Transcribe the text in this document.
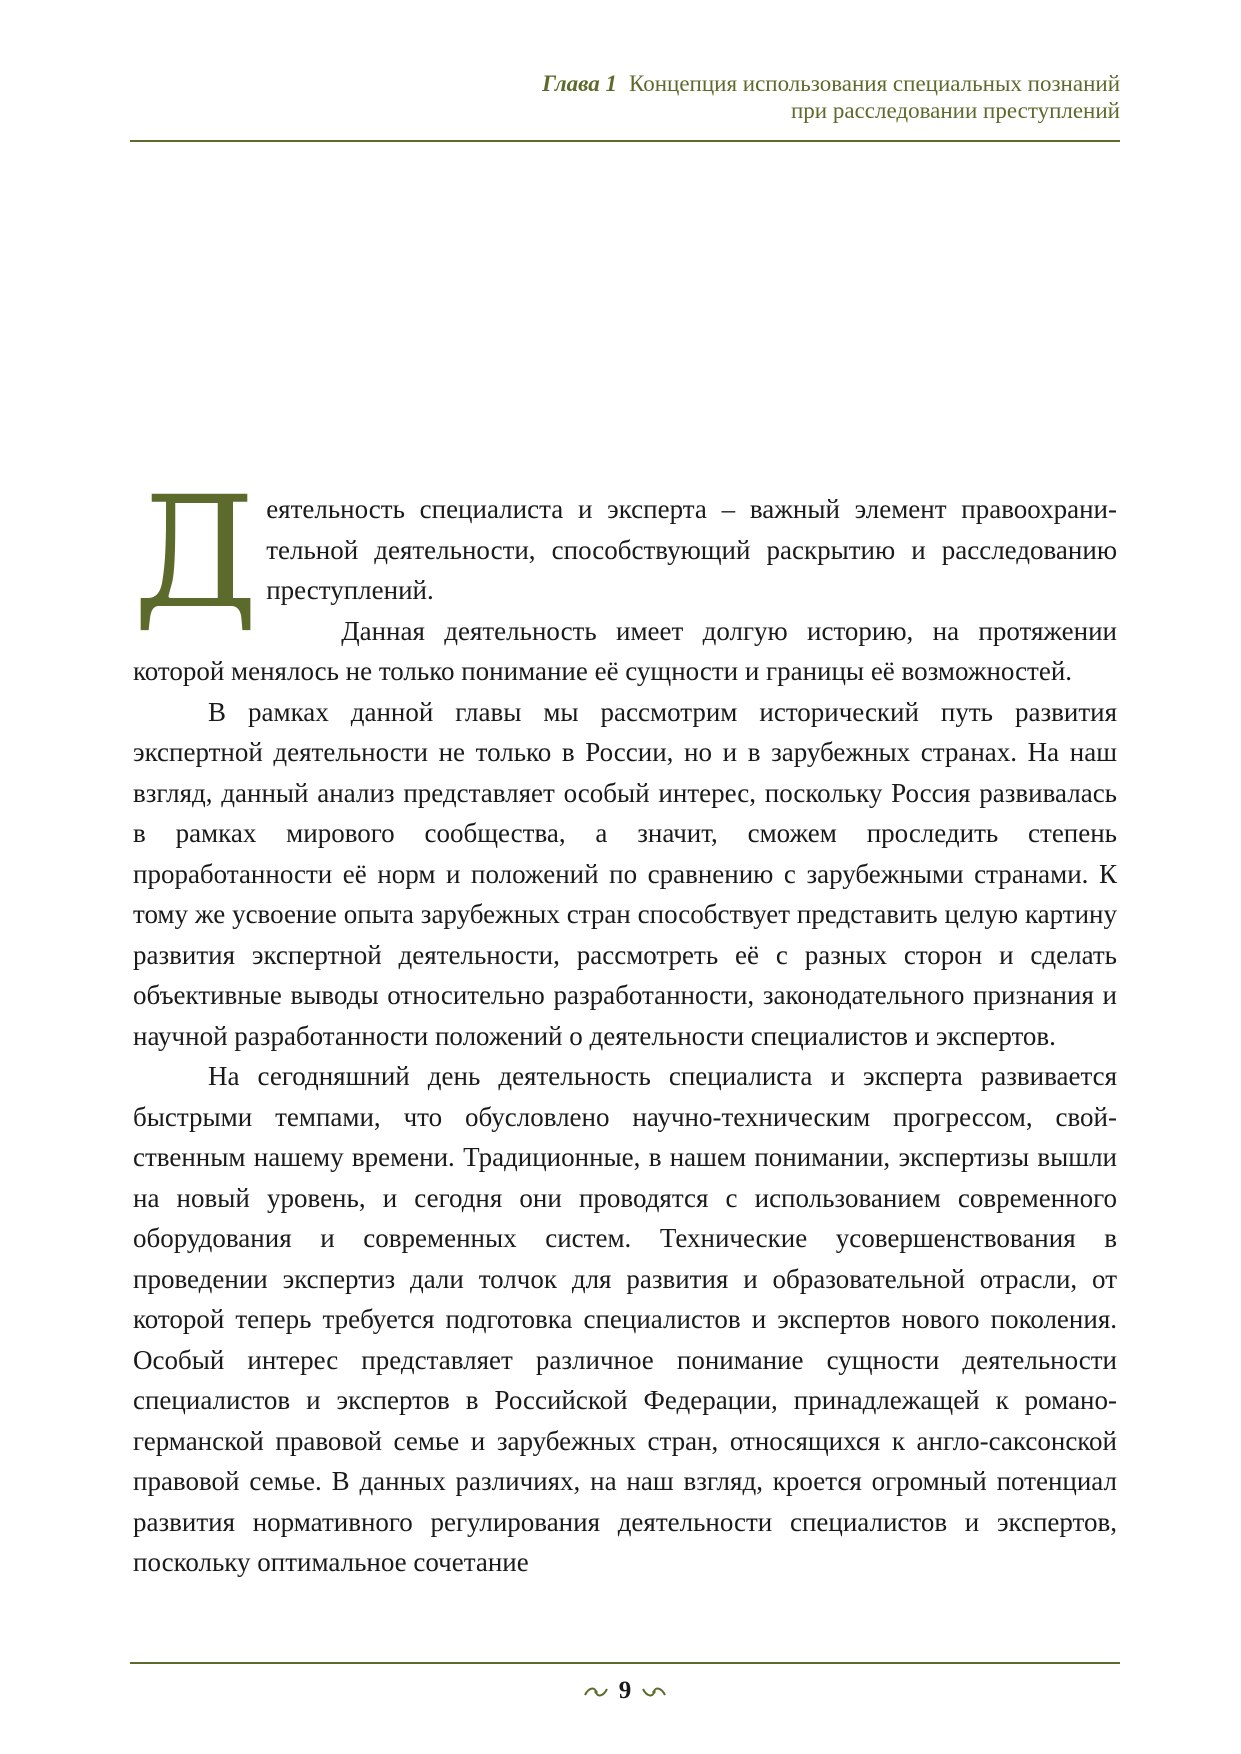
Глава 1 Концепция использования специальных познаний
при расследовании преступлений

Деятельность специалиста и эксперта – важный элемент правоохранительной деятельности, способствующий раскрытию и расследованию преступлений.

Данная деятельность имеет долгую историю, на протяжении которой менялось не только понимание её сущности и границы её возможностей.

В рамках данной главы мы рассмотрим исторический путь развития экспертной деятельности не только в России, но и в зарубежных странах. На наш взгляд, данный анализ представляет особый интерес, поскольку Россия развивалась в рамках мирового сообщества, а значит, сможем проследить степень проработанности её норм и положений по сравнению с зарубежными странами. К тому же усвоение опыта зарубежных стран способствует представить целую картину развития экспертной деятельности, рассмотреть её с разных сторон и сделать объективные выводы относительно разработанности, законодательного признания и научной разработанности положений о деятельности специалистов и экспертов.

На сегодняшний день деятельность специалиста и эксперта развивается быстрыми темпами, что обусловлено научно-техническим прогрессом, свойственным нашему времени. Традиционные, в нашем понимании, экспертизы вышли на новый уровень, и сегодня они проводятся с использованием современного оборудования и современных систем. Технические усовершенствования в проведении экспертиз дали толчок для развития и образовательной отрасли, от которой теперь требуется подготовка специалистов и экспертов нового поколения. Особый интерес представляет различное понимание сущности деятельности специалистов и экспертов в Российской Федерации, принадлежащей к романо-германской правовой семье и зарубежных стран, относящихся к англо-саксонской правовой семье. В данных различиях, на наш взгляд, кроется огромный потенциал развития нормативного регулирования деятельности специалистов и экспертов, поскольку оптимальное сочетание

9
